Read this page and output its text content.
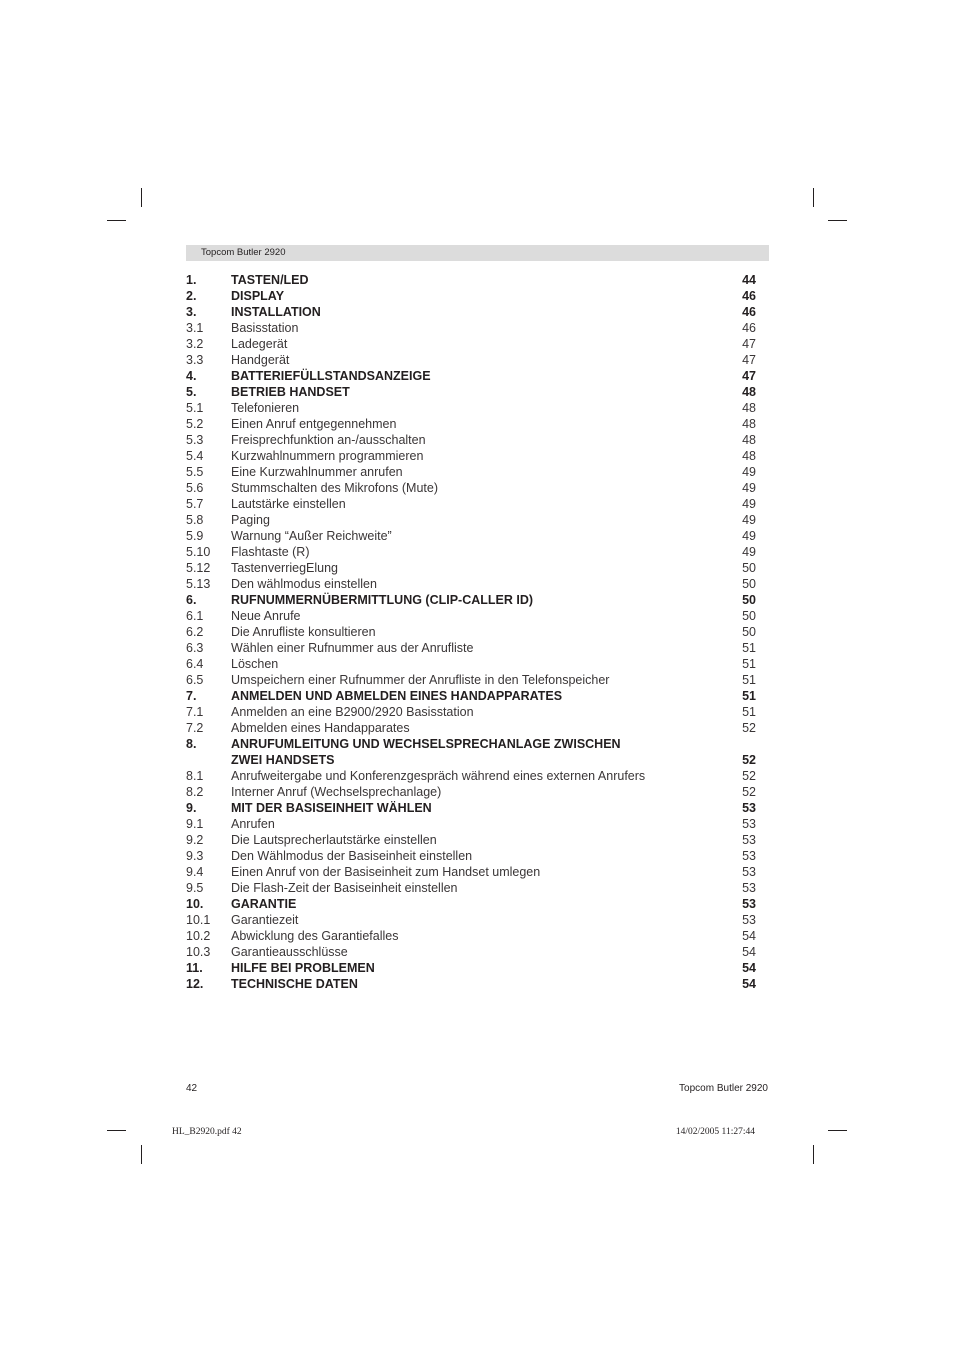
Topcom Butler 2920
1.	TASTEN/LED	44
2.	DISPLAY	46
3.	INSTALLATION	46
3.1 Basisstation	46
3.2 Ladegerät	47
3.3 Handgerät	47
4.	BATTERIEFÜLLSTANDSANZEIGE	47
5.	BETRIEB HANDSET	48
5.1 Telefonieren	48
5.2 Einen Anruf entgegennehmen	48
5.3 Freisprechfunktion an-/ausschalten	48
5.4 Kurzwahlnummern programmieren	48
5.5 Eine Kurzwahlnummer anrufen	49
5.6 Stummschalten des Mikrofons (Mute)	49
5.7 Lautstärke einstellen	49
5.8 Paging	49
5.9 Warnung “Außer Reichweite”	49
5.10 Flashtaste (R)	49
5.12 TastenverriegElung	50
5.13 Den wählmodus einstellen	50
6.	RUFNUMMERNÜBERMITTLUNG (CLIP-CALLER ID)	50
6.1 Neue Anrufe	50
6.2 Die Anrufliste konsultieren	50
6.3 Wählen einer Rufnummer aus der Anrufliste	51
6.4 Löschen	51
6.5 Umspeichern einer Rufnummer der Anrufliste in den Telefonspeicher	51
7.	ANMELDEN UND ABMELDEN EINES HANDAPPARATES	51
7.1 Anmelden an eine B2900/2920 Basisstation	51
7.2 Abmelden eines Handapparates	52
8.	ANRUFUMLEITUNG UND WECHSELSPRECHANLAGE ZWISCHEN
ZWEI HANDSETS	52
8.1 Anrufweitergabe und Konferenzgespräch während eines externen Anrufers	52
8.2 Interner Anruf (Wechselsprechanlage)	52
9.	MIT DER BASISEINHEIT WÄHLEN	53
9.1 Anrufen	53
9.2 Die Lautsprecherlautstärke einstellen	53
9.3 Den Wählmodus der Basiseinheit einstellen	53
9.4 Einen Anruf von der Basiseinheit zum Handset umlegen	53
9.5 Die Flash-Zeit der Basiseinheit einstellen	53
10. GARANTIE	53
10.1 Garantiezeit	53
10.2 Abwicklung des Garantiefalles	54
10.3 Garantieausschlüsse	54
11. HILFE BEI PROBLEMEN	54
12. TECHNISCHE DATEN	54
42	Topcom Butler 2920
HL_B2920.pdf 42	14/02/2005 11:27:44
